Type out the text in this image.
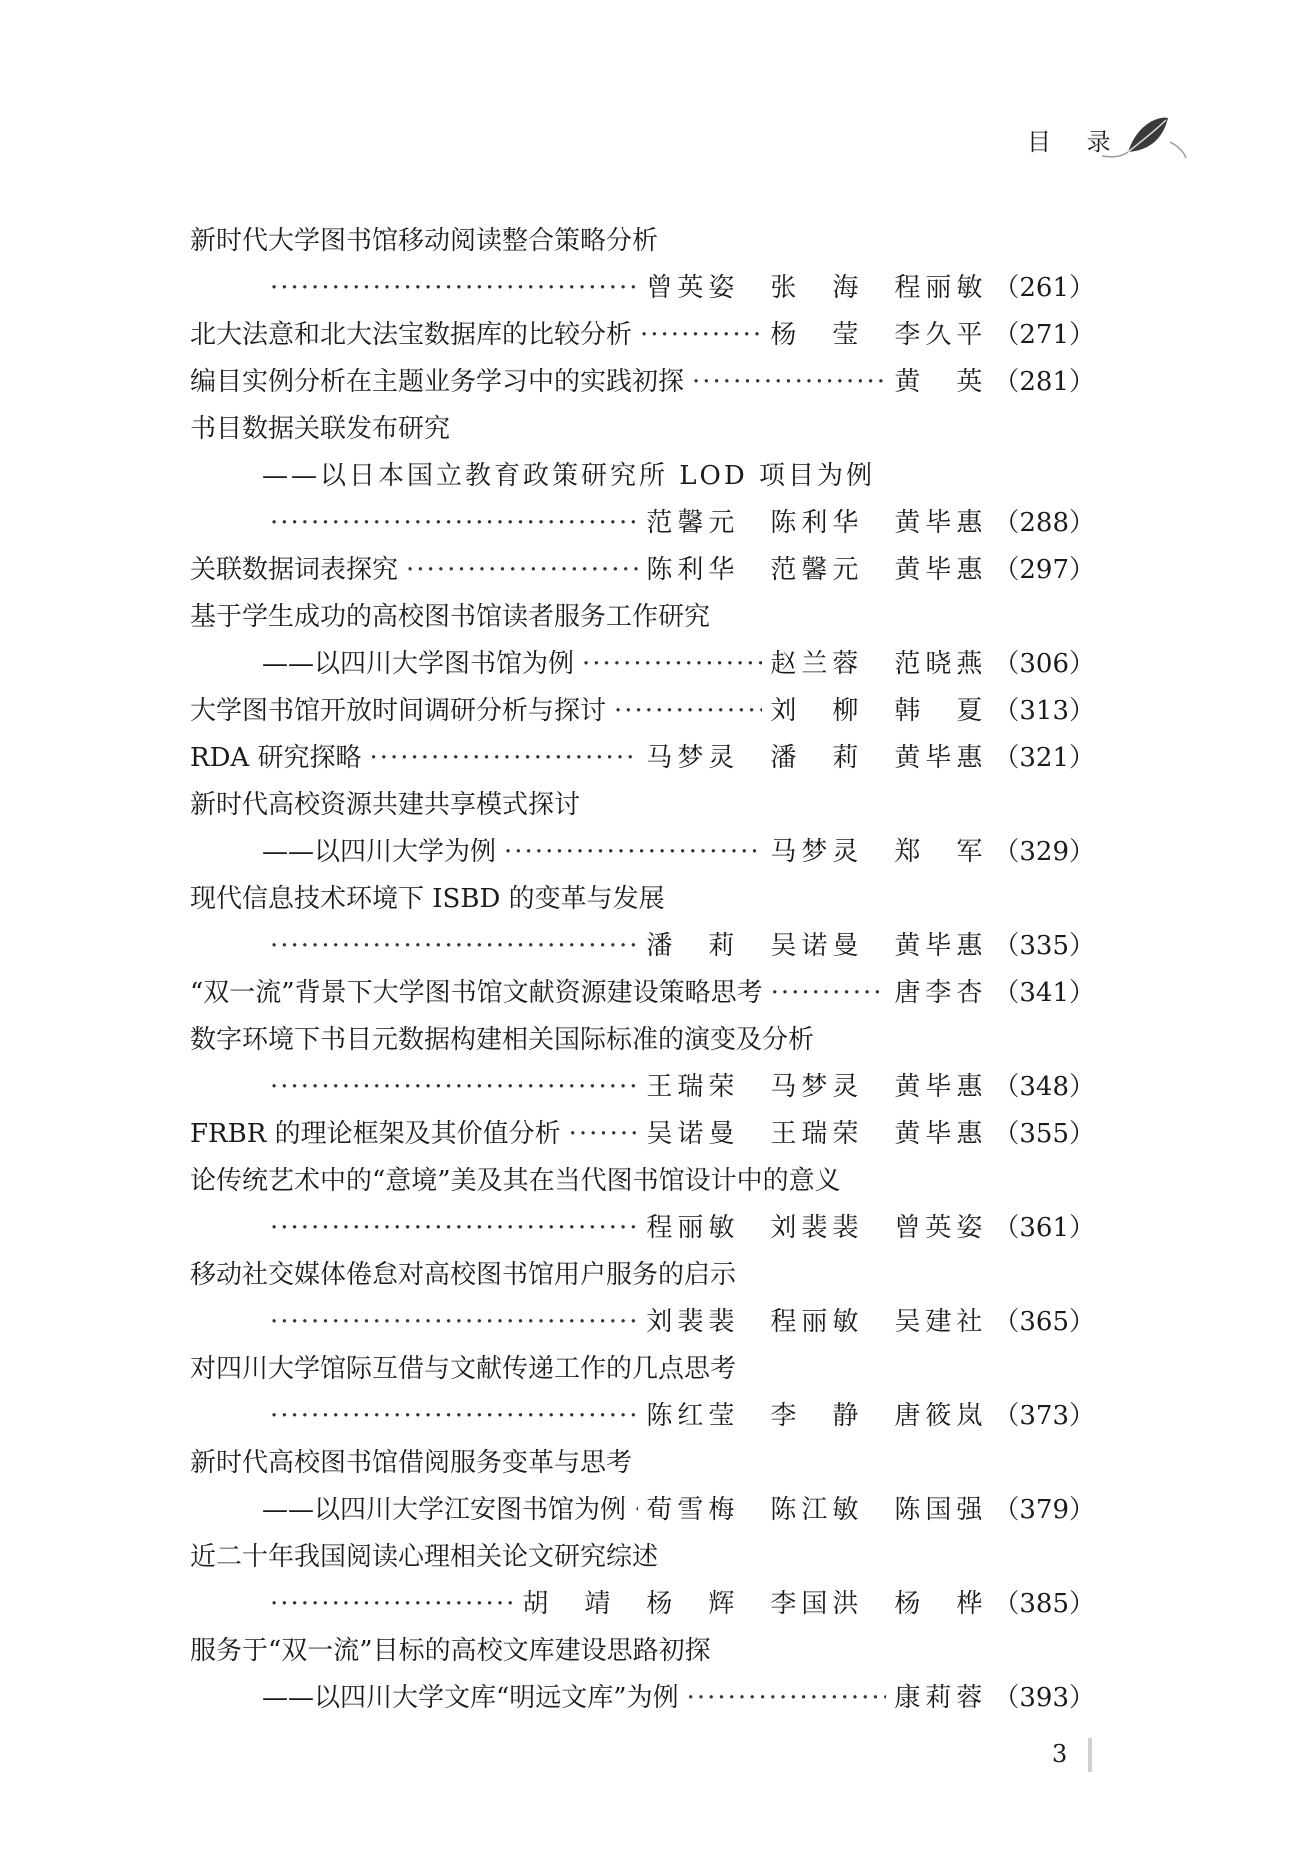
目 录
新时代大学图书馆移动阅读整合策略分析
·····
曾英姿　张　海　程丽敏 （261）
北大法意和北大法宝数据库的比较分析 ·····	杨　莹　李久平 （271）
编目实例分析在主题业务学习中的实践初探 ·····	黄　英 （281）
书目数据关联发布研究
——以日本国立教育政策研究所 LOD 项目为例
·····
范馨元　陈利华　黄毕惠 （288）
关联数据词表探究 ·····	陈利华　范馨元　黄毕惠 （297）
基于学生成功的高校图书馆读者服务工作研究
——以四川大学图书馆为例 ·····	赵兰蓉　范晓燕 （306）
大学图书馆开放时间调研分析与探讨 ·····	刘　柳　韩　夏 （313）
RDA 研究探略 ·····	马梦灵　潘　莉　黄毕惠 （321）
新时代高校资源共建共享模式探讨
——以四川大学为例 ·····	马梦灵　郑　军 （329）
现代信息技术环境下 ISBD 的变革与发展
·····
潘　莉　吴诺曼　黄毕惠 （335）
“双一流”背景下大学图书馆文献资源建设策略思考 ·····	唐李杏 （341）
数字环境下书目元数据构建相关国际标准的演变及分析
·····
王瑞荣　马梦灵　黄毕惠 （348）
FRBR 的理论框架及其价值分析 ·····	吴诺曼　王瑞荣　黄毕惠 （355）
论传统艺术中的“意境”美及其在当代图书馆设计中的意义
·····
程丽敏　刘裴裴　曾英姿 （361）
移动社交媒体倦怠对高校图书馆用户服务的启示
·····
刘裴裴　程丽敏　吴建社 （365）
对四川大学馆际互借与文献传递工作的几点思考
·····
陈红莹　李　静　唐筱岚 （373）
新时代高校图书馆借阅服务变革与思考
——以四川大学江安图书馆为例 ····· 荀雪梅　陈江敏　陈国强 （379）
近二十年我国阅读心理相关论文研究综述
·····
胡　靖　杨　辉　李国洪　杨　桦 （385）
服务于“双一流”目标的高校文库建设思路初探
——以四川大学文库“明远文库”为例 ·····	康莉蓉 （393）
3
